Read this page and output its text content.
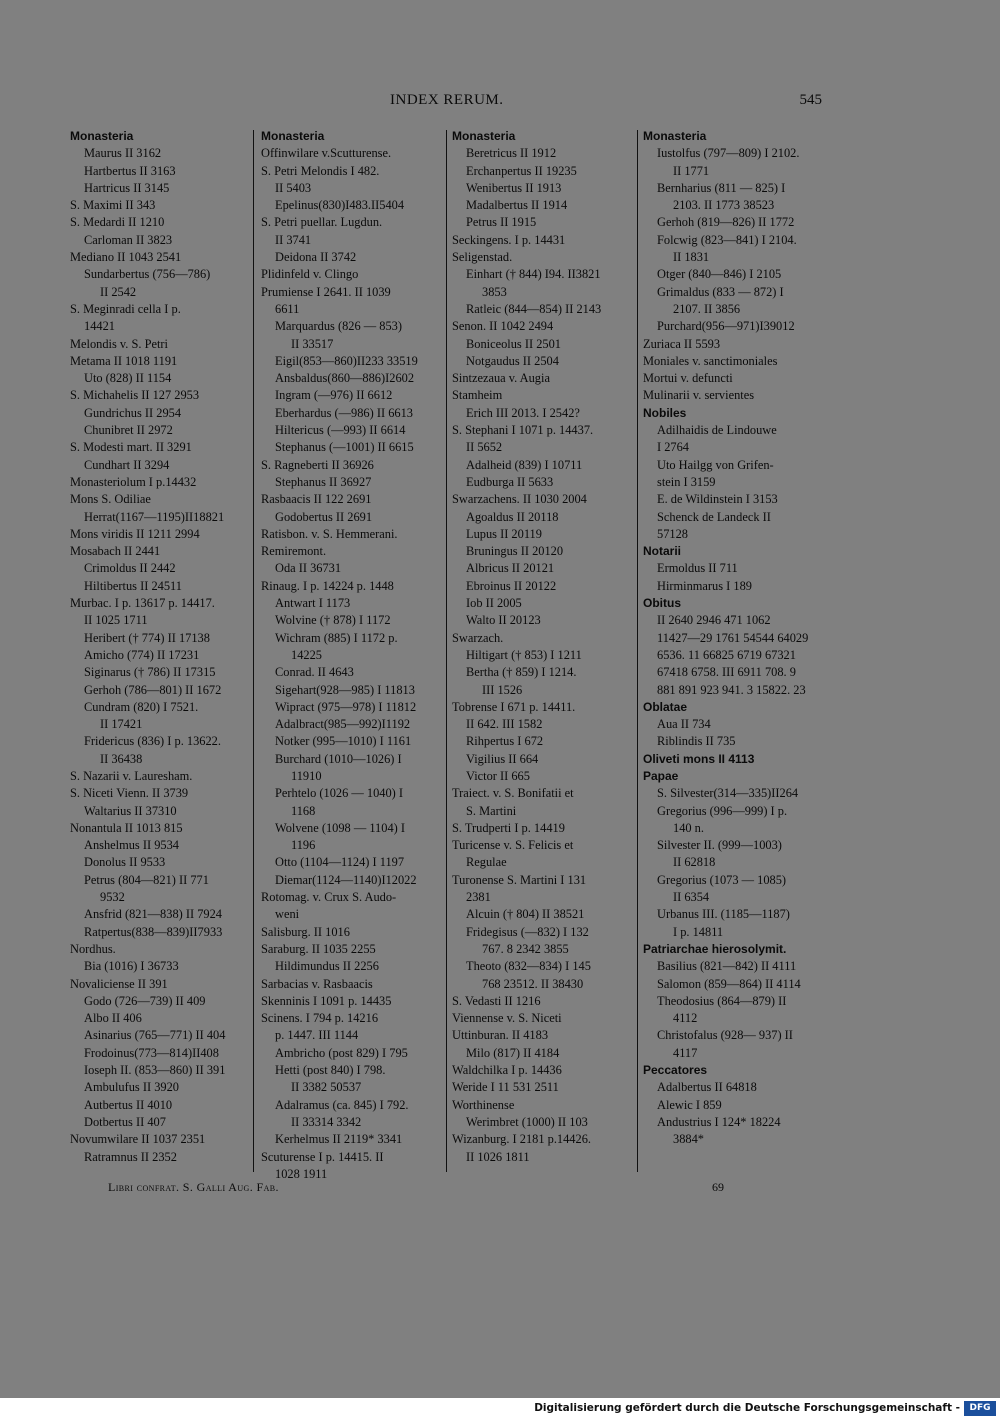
INDEX RERUM.	545
Monasteria
Maurus II 3162
Hartbertus II 3163
Hartricus II 3145
S. Maximi II 343
S. Medardi II 1210
Carloman II 3823
Mediano II 1043 2541
Sundarbertus (756—786)
II 2542
S. Meginradi cella I p.
14421
Melondis v. S. Petri
Metama II 1018 1191
Uto (828) II 1154
S. Michahelis II 127 2953
Gundrichus II 2954
Chunibret II 2972
S. Modesti mart. II 3291
Cundhart II 3294
Monasteriolum I p.14432
Mons S. Odiliae
Herrat(1167—1195)II18821
Mons viridis II 1211 2994
Mosabach II 2441
Crimoldus II 2442
Hiltibertus II 24511
Murbac. I p. 13617 p. 14417.
II 1025 1711
Heribert († 774) II 17138
Amicho (774) II 17231
Siginarus († 786) II 17315
Gerhoh (786—801) II 1672
Cundram (820) I 7521.
II 17421
Fridericus (836) I p. 13622.
II 36438
S. Nazarii v. Lauresham.
S. Niceti Vienn. II 3739
Waltarius II 37310
Nonantula II 1013 815
Anshelmus II 9534
Donolus II 9533
Petrus (804—821) II 771
9532
Ansfrid (821—838) II 7924
Ratpertus(838—839)II7933
Nordhus.
Bia (1016) I 36733
Novaliciense II 391
Godo (726—739) II 409
Albo II 406
Asinarius (765—771) II 404
Frodoinus(773—814)II408
Ioseph II. (853—860) II 391
Ambulufus II 3920
Autbertus II 4010
Dotbertus II 407
Novumwilare II 1037 2351
Ratramnus II 2352
Monasteria
Offinwilare v.Scutturense.
S. Petri Melondis I 482.
II 5403
Epelinus(830)I483.II5404
S. Petri puellar. Lugdun.
II 3741
Deidona II 3742
Plidinfeld v. Clingo
Prumiense I 2641. II 1039
6611
Marquardus (826 — 853)
II 33517
Eigil(853—860)II233 33519
Ansbaldus(860—886)I2602
Ingram (—976) II 6612
Eberhardus (—986) II 6613
Hiltericus (—993) II 6614
Stephanus (—1001) II 6615
S. Ragneberti II 36926
Stephanus II 36927
Rasbaacis II 122 2691
Godobertus II 2691
Ratisbon. v. S. Hemmerani.
Remiremont.
Oda II 36731
Rinaug. I p. 14224 p. 1448
Antwart I 1173
Wolvine († 878) I 1172
Wichram (885) I 1172 p.
14225
Conrad. II 4643
Sigehart(928—985) I 11813
Wipract (975—978) I 11812
Adalbract(985—992)I1192
Notker (995—1010) I 1161
Burchard (1010—1026) I
11910
Perhtelo (1026 — 1040) I
1168
Wolvene (1098 — 1104) I
1196
Otto (1104—1124) I 1197
Diemar(1124—1140)I12022
Rotomag. v. Crux S. Audo-
weni
Salisburg. II 1016
Saraburg. II 1035 2255
Hildimundus II 2256
Sarbacias v. Rasbaacis
Skenninis I 1091 p. 14435
Scinens. I 794 p. 14216
p. 1447. III 1144
Ambricho (post 829) I 795
Hetti (post 840) I 798.
II 3382 50537
Adalramus (ca. 845) I 792.
II 33314 3342
Kerhelmus II 2119* 3341
Scuturense I p. 14415. II
1028 1911
Monasteria
Beretricus II 1912
Erchanpertus II 19235
Wenibertus II 1913
Madalbertus II 1914
Petrus II 1915
Seckingens. I p. 14431
Seligenstad.
Einhart († 844) I94. II3821
3853
Ratleic (844—854) II 2143
Senon. II 1042 2494
Boniceolus II 2501
Notgaudus II 2504
Sintzezaua v. Augia
Stamheim
Erich III 2013. I 2542?
S. Stephani I 1071 p. 14437.
II 5652
Adalheid (839) I 10711
Eudburga II 5633
Swarzachens. II 1030 2004
Agoaldus II 20118
Lupus II 20119
Bruningus II 20120
Albricus II 20121
Ebroinus II 20122
Iob II 2005
Walto II 20123
Swarzach.
Hiltigart († 853) I 1211
Bertha († 859) I 1214.
III 1526
Tobrense I 671 p. 14411.
II 642. III 1582
Rihpertus I 672
Vigilius II 664
Victor II 665
Traiect. v. S. Bonifatii et
S. Martini
S. Trudperti I p. 14419
Turicense v. S. Felicis et
Regulae
Turonense S. Martini I 131
2381
Alcuin († 804) II 38521
Fridegisus (—832) I 132
767. 8 2342 3855
Theoto (832—834) I 145
768 23512. II 38430
S. Vedasti II 1216
Viennense v. S. Niceti
Uttinburan. II 4183
Milo (817) II 4184
Waldchilka I p. 14436
Weride I 11 531 2511
Worthinense
Werimbret (1000) II 103
Wizanburg. I 2181 p.14426.
II 1026 1811
Monasteria
Iustolfus (797—809) I 2102.
II 1771
Bernharius (811 — 825) I
2103. II 1773 38523
Gerhoh (819—826) II 1772
Folcwig (823—841) I 2104.
II 1831
Otger (840—846) I 2105
Grimaldus (833 — 872) I
2107. II 3856
Purchard(956—971)I39012
Zuriaca II 5593
Moniales v. sanctimoniales
Mortui v. defuncti
Mulinarii v. servientes
Nobiles
Adilhaidis de Lindouwe
I 2764
Uto Hailgg von Grifen-
stein I 3159
E. de Wildinstein I 3153
Schenck de Landeck II
57128
Notarii
Ermoldus II 711
Hirminmarus I 189
Obitus
II 2640 2946 471 1062
11427—29 1761 54544 64029
6536. 11 66825 6719 67321
67418 6758. III 6911 708. 9
881 891 923 941. 3 15822. 23
Oblatae
Aua II 734
Riblindis II 735
Oliveti mons II 4113
Papae
S. Silvester(314—335)II264
Gregorius (996—999) I p.
140 n.
Silvester II. (999—1003)
II 62818
Gregorius (1073 — 1085)
II 6354
Urbanus III. (1185—1187)
I p. 14811
Patriarchae hierosolymit.
Basilius (821—842) II 4111
Salomon (859—864) II 4114
Theodosius (864—879) II
4112
Christofalus (928— 937) II
4117
Peccatores
Adalbertus II 64818
Alewic I 859
Andustrius I 124* 18224
3884*
Libri confrat. S. Galli Aug. Fab.	69
Digitalisierung gefördert durch die Deutsche Forschungsgemeinschaft -	DFG
